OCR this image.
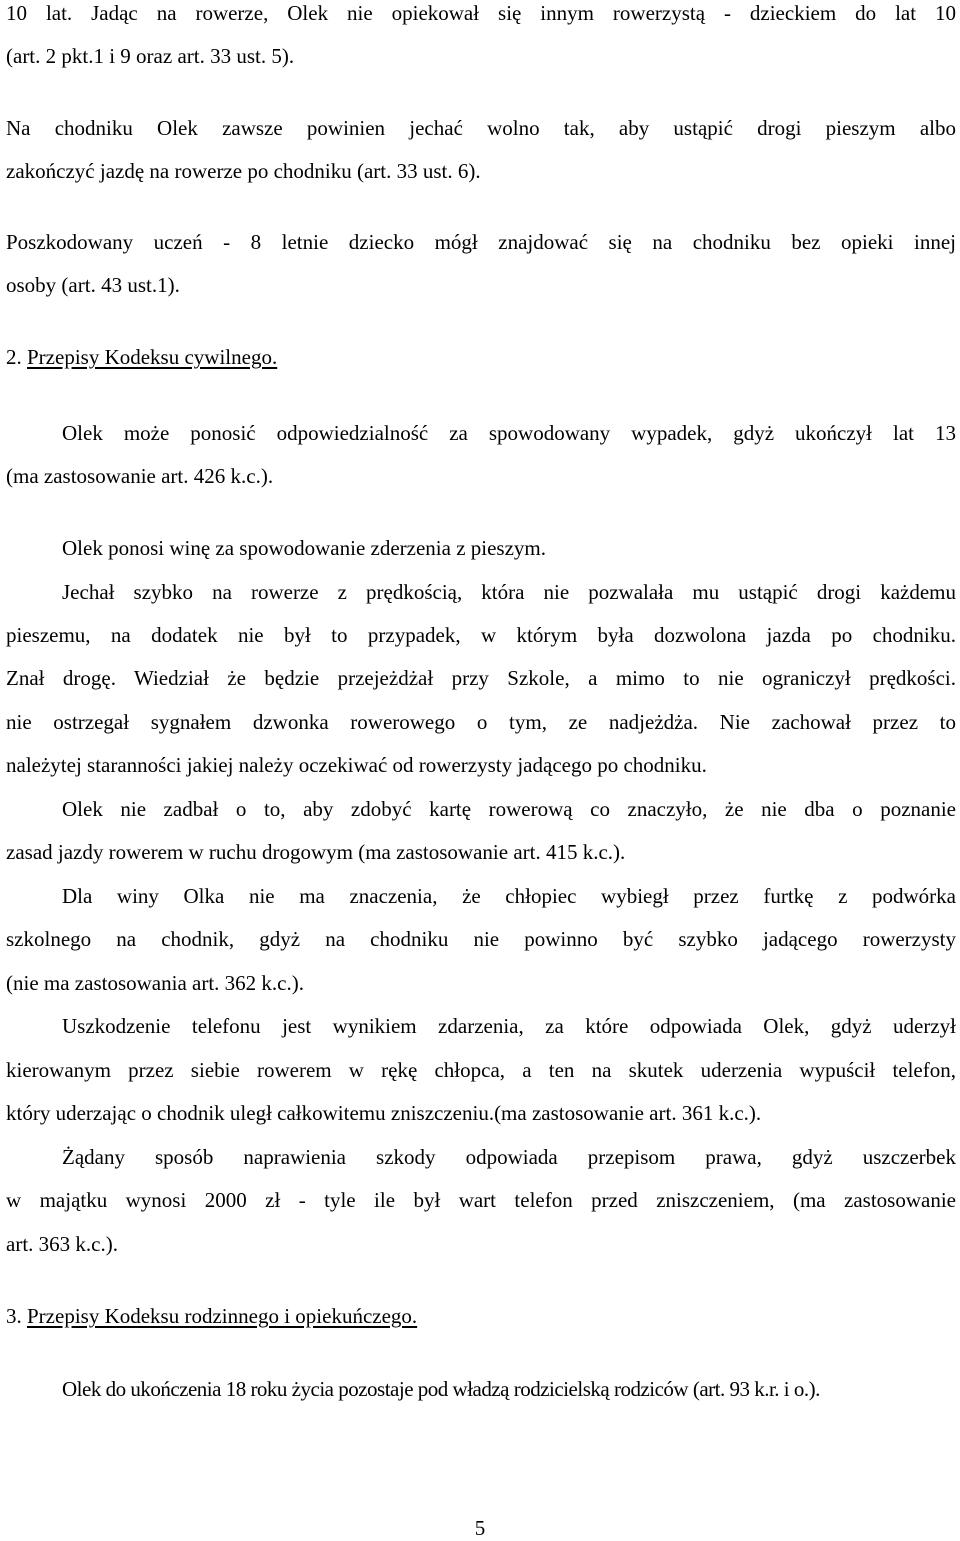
10 lat. Jadąc na rowerze, Olek nie opiekował się innym rowerzystą - dzieckiem do lat 10
(art. 2 pkt.1 i 9 oraz art. 33 ust. 5).
Na chodniku Olek zawsze powinien jechać wolno tak, aby ustąpić drogi pieszym albo
zakończyć jazdę na rowerze po chodniku (art. 33 ust. 6).
Poszkodowany uczeń - 8 letnie dziecko mógł znajdować się na chodniku bez opieki innej
osoby (art. 43 ust.1).
2. Przepisy Kodeksu cywilnego.
Olek może ponosić odpowiedzialność za spowodowany wypadek, gdyż ukończył lat 13
(ma zastosowanie art. 426 k.c.).
Olek ponosi winę za spowodowanie zderzenia z pieszym.
Jechał szybko na rowerze z prędkością, która nie pozwalała mu ustąpić drogi każdemu
pieszemu, na dodatek nie był to przypadek, w którym była dozwolona jazda po chodniku.
Znał drogę. Wiedział że będzie przejeżdżał przy Szkole, a mimo to nie ograniczył prędkości.
nie ostrzegał sygnałem dzwonka rowerowego o tym, ze nadjeżdża. Nie zachował przez to
należytej staranności jakiej należy oczekiwać od rowerzysty jadącego po chodniku.
Olek nie zadbał o to, aby zdobyć kartę rowerową co znaczyło, że nie dba o poznanie
zasad jazdy rowerem w ruchu drogowym (ma zastosowanie art. 415 k.c.).
Dla winy Olka nie ma znaczenia, że chłopiec wybiegł przez furtkę z podwórka
szkolnego na chodnik, gdyż na chodniku nie powinno być szybko jadącego rowerzysty
(nie ma zastosowania art. 362 k.c.).
Uszkodzenie telefonu jest wynikiem zdarzenia, za które odpowiada Olek, gdyż uderzył
kierowanym przez siebie rowerem w rękę chłopca, a ten na skutek uderzenia wypuścił telefon,
który uderzając o chodnik uległ całkowitemu zniszczeniu.(ma zastosowanie art. 361 k.c.).
Żądany sposób naprawienia szkody odpowiada przepisom prawa, gdyż uszczerbek
w majątku wynosi 2000 zł - tyle ile był wart telefon przed zniszczeniem, (ma zastosowanie
art. 363 k.c.).
3. Przepisy Kodeksu rodzinnego i opiekuńczego.
Olek do ukończenia 18 roku życia pozostaje pod władzą rodzicielską rodziców (art. 93 k.r. i o.).
5
